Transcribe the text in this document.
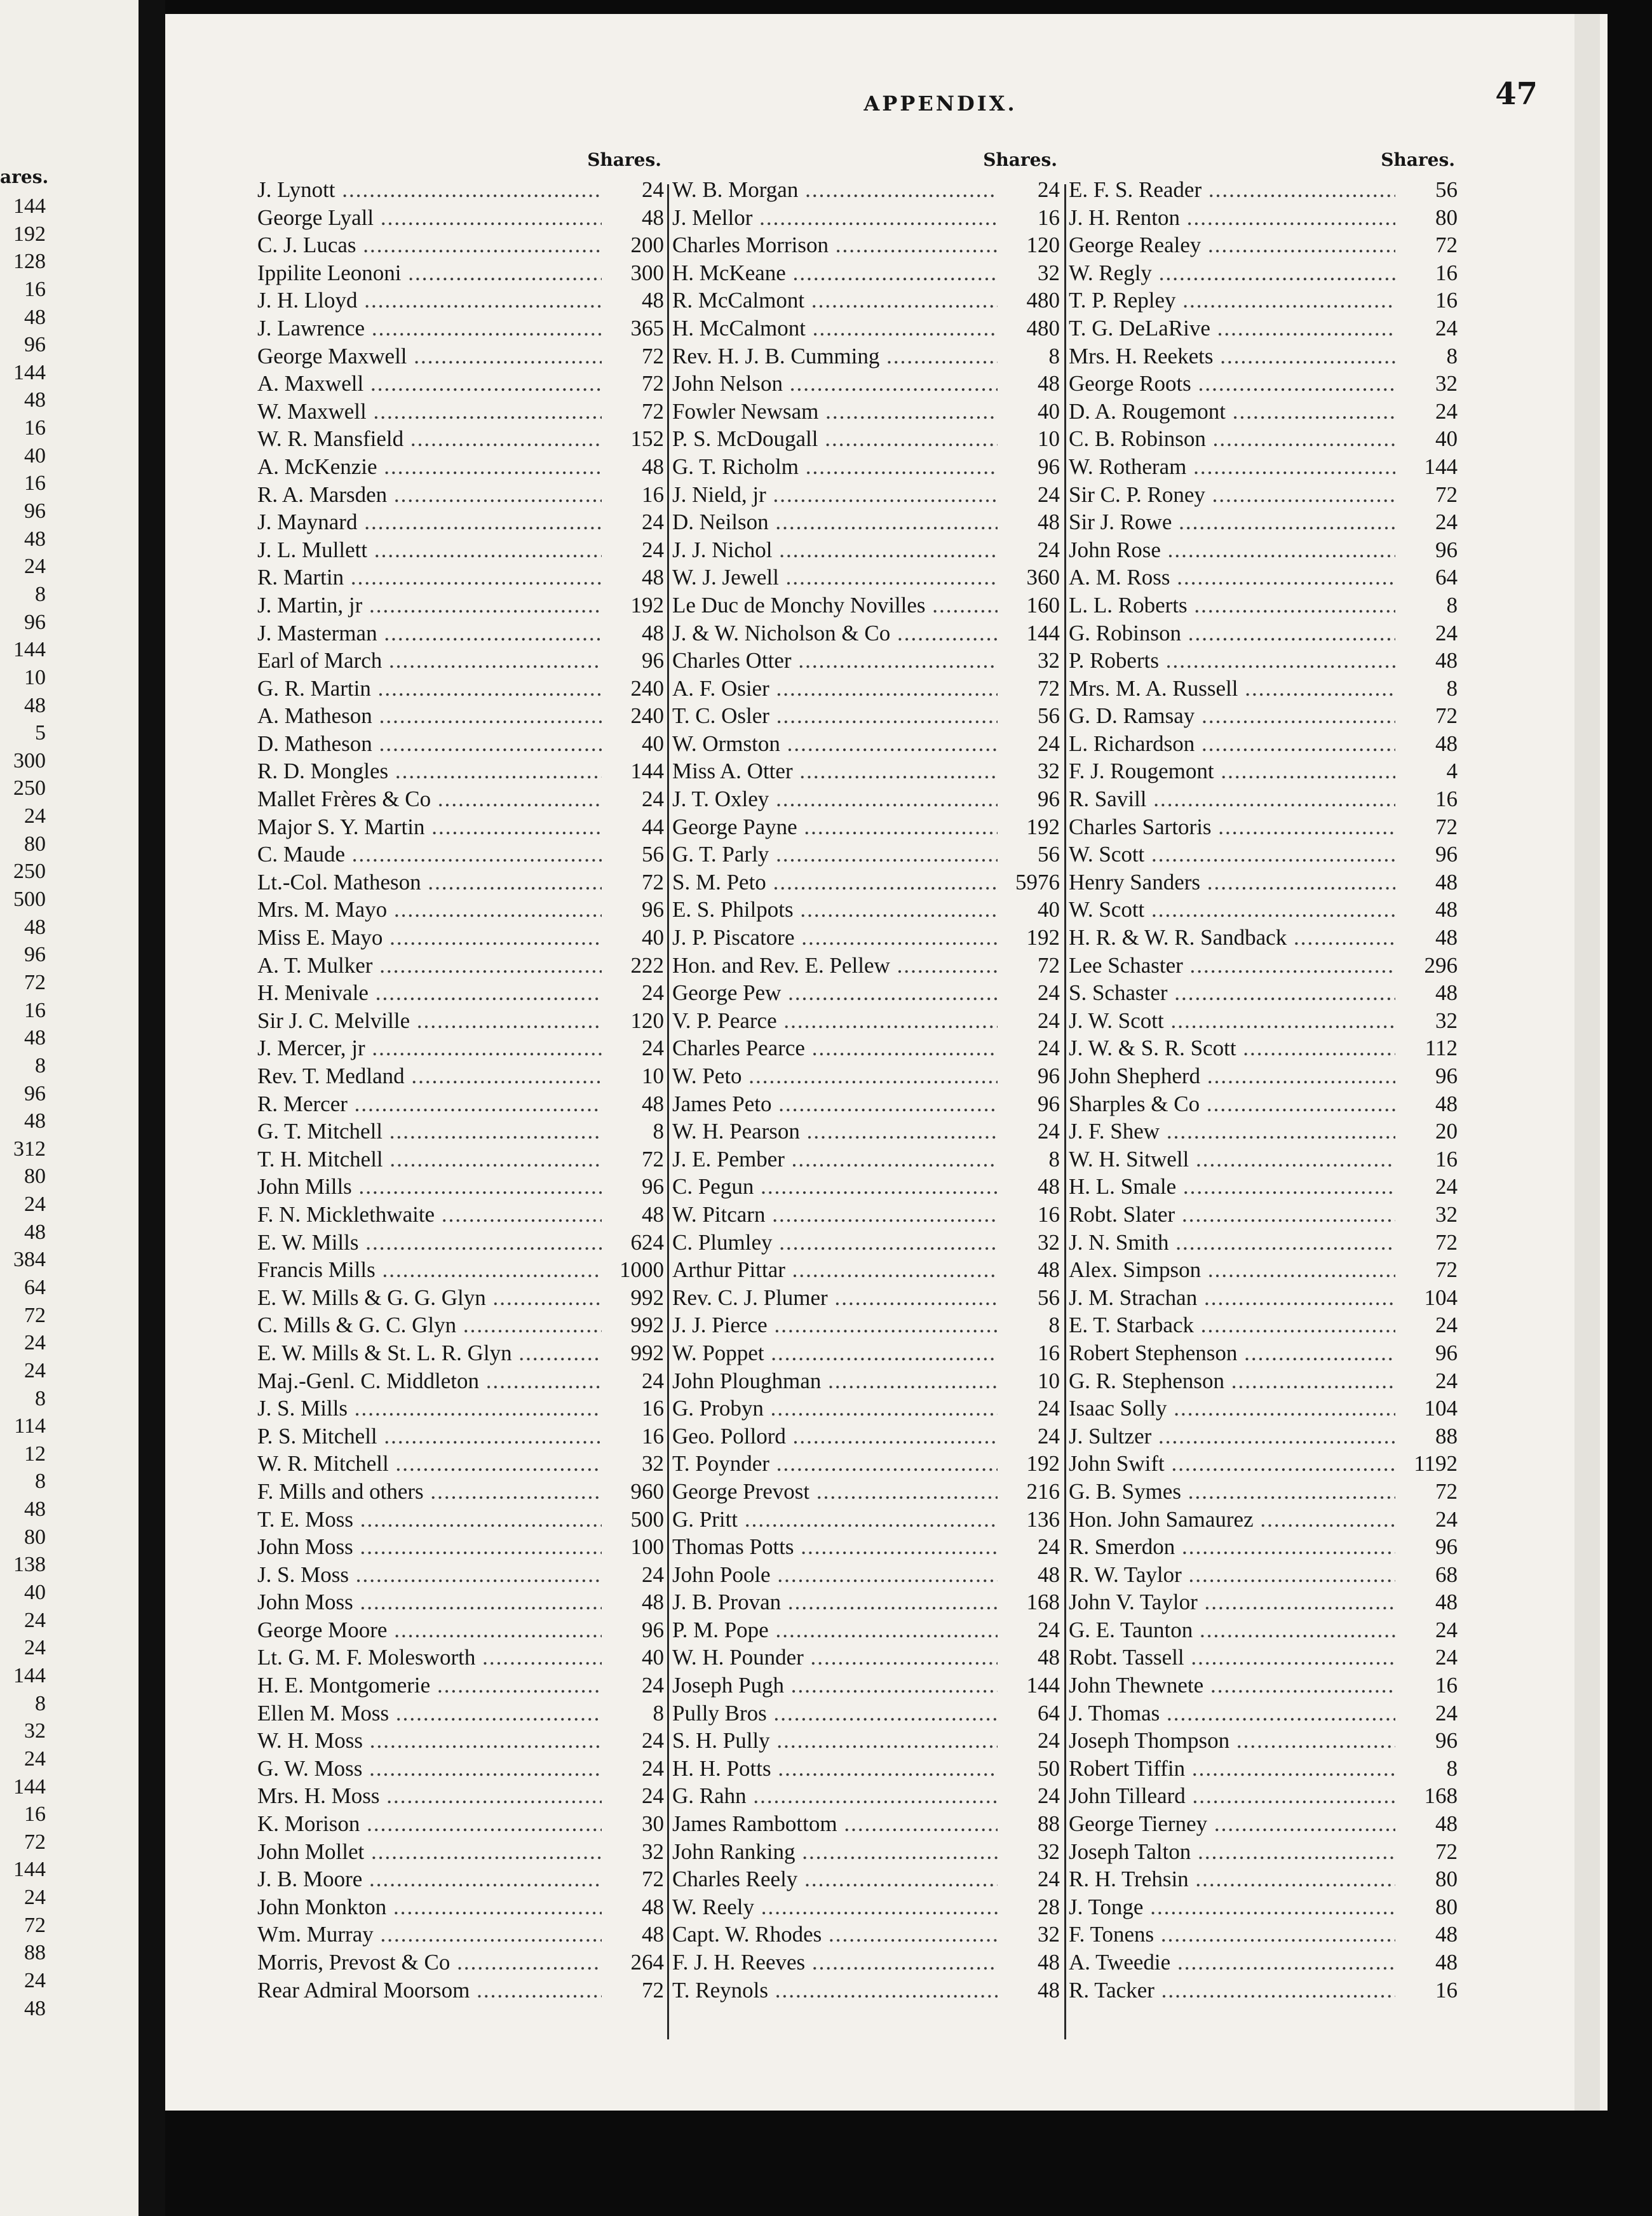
ares.
144
192
128
16
48
96
144
48
16
40
16
96
48
24
8
96
144
10
48
5
300
250
24
80
250
500
48
96
72
16
48
8
96
48
312
80
24
48
384
64
72
24
24
8
114
12
8
48
80
138
40
24
24
144
8
32
24
144
16
72
144
24
72
88
24
48
APPENDIX.	47
Shares.
J. Lynott .....	24
George Lyall .....	48
C. J. Lucas .....	200
Ippilite Leononi .....	300
J. H. Lloyd .....	48
J. Lawrence .....	365
George Maxwell .....	72
A. Maxwell .....	72
W. Maxwell .....	72
W. R. Mansfield .....	152
A. McKenzie .....	48
R. A. Marsden .....	16
J. Maynard .....	24
J. L. Mullett .....	24
R. Martin .....	48
J. Martin, jr .....	192
J. Masterman .....	48
Earl of March .....	96
G. R. Martin .....	240
A. Matheson .....	240
D. Matheson .....	40
R. D. Mongles .....	144
Mallet Frères & Co .....	24
Major S. Y. Martin .....	44
C. Maude .....	56
Lt.-Col. Matheson .....	72
Mrs. M. Mayo .....	96
Miss E. Mayo .....	40
A. T. Mulker .....	222
H. Menivale .....	24
Sir J. C. Melville .....	120
J. Mercer, jr .....	24
Rev. T. Medland .....	10
R. Mercer .....	48
G. T. Mitchell .....	8
T. H. Mitchell .....	72
John Mills .....	96
F. N. Micklethwaite .....	48
E. W. Mills .....	624
Francis Mills .....	1000
E. W. Mills & G. G. Glyn .....	992
C. Mills & G. C. Glyn .....	992
E. W. Mills & St. L. R. Glyn .....	992
Maj.-Genl. C. Middleton .....	24
J. S. Mills .....	16
P. S. Mitchell .....	16
W. R. Mitchell .....	32
F. Mills and others .....	960
T. E. Moss .....	500
John Moss .....	100
J. S. Moss .....	24
John Moss .....	48
George Moore .....	96
Lt. G. M. F. Molesworth .....	40
H. E. Montgomerie .....	24
Ellen M. Moss .....	8
W. H. Moss .....	24
G. W. Moss .....	24
Mrs. H. Moss .....	24
K. Morison .....	30
John Mollet .....	32
J. B. Moore .....	72
John Monkton .....	48
Wm. Murray .....	48
Morris, Prevost & Co .....	264
Rear Admiral Moorsom .....	72
Shares.
W. B. Morgan .....	24
J. Mellor .....	16
Charles Morrison .....	120
H. McKeane .....	32
R. McCalmont .....	480
H. McCalmont .....	480
Rev. H. J. B. Cumming .....	8
John Nelson .....	48
Fowler Newsam .....	40
P. S. McDougall .....	10
G. T. Richolm .....	96
J. Nield, jr .....	24
D. Neilson .....	48
J. J. Nichol .....	24
W. J. Jewell .....	360
Le Duc de Monchy Novilles .....	160
J. & W. Nicholson & Co .....	144
Charles Otter .....	32
A. F. Osier .....	72
T. C. Osler .....	56
W. Ormston .....	24
Miss A. Otter .....	32
J. T. Oxley .....	96
George Payne .....	192
G. T. Parly .....	56
S. M. Peto .....	5976
E. S. Philpots .....	40
J. P. Piscatore .....	192
Hon. and Rev. E. Pellew .....	72
George Pew .....	24
V. P. Pearce .....	24
Charles Pearce .....	24
W. Peto .....	96
James Peto .....	96
W. H. Pearson .....	24
J. E. Pember .....	8
C. Pegun .....	48
W. Pitcarn .....	16
C. Plumley .....	32
Arthur Pittar .....	48
Rev. C. J. Plumer .....	56
J. J. Pierce .....	8
W. Poppet .....	16
John Ploughman .....	10
G. Probyn .....	24
Geo. Pollord .....	24
T. Poynder .....	192
George Prevost .....	216
G. Pritt .....	136
Thomas Potts .....	24
John Poole .....	48
J. B. Provan .....	168
P. M. Pope .....	24
W. H. Pounder .....	48
Joseph Pugh .....	144
Pully Bros .....	64
S. H. Pully .....	24
H. H. Potts .....	50
G. Rahn .....	24
James Rambottom .....	88
John Ranking .....	32
Charles Reely .....	24
W. Reely .....	28
Capt. W. Rhodes .....	32
F. J. H. Reeves .....	48
T. Reynols .....	48
Shares.
E. F. S. Reader .....	56
J. H. Renton .....	80
George Realey .....	72
W. Regly .....	16
T. P. Repley .....	16
T. G. DeLaRive .....	24
Mrs. H. Reekets .....	8
George Roots .....	32
D. A. Rougemont .....	24
C. B. Robinson .....	40
W. Rotheram .....	144
Sir C. P. Roney .....	72
Sir J. Rowe .....	24
John Rose .....	96
A. M. Ross .....	64
L. L. Roberts .....	8
G. Robinson .....	24
P. Roberts .....	48
Mrs. M. A. Russell .....	8
G. D. Ramsay .....	72
L. Richardson .....	48
F. J. Rougemont .....	4
R. Savill .....	16
Charles Sartoris .....	72
W. Scott .....	96
Henry Sanders .....	48
W. Scott .....	48
H. R. & W. R. Sandback .....	48
Lee Schaster .....	296
S. Schaster .....	48
J. W. Scott .....	32
J. W. & S. R. Scott .....	112
John Shepherd .....	96
Sharples & Co .....	48
J. F. Shew .....	20
W. H. Sitwell .....	16
H. L. Smale .....	24
Robt. Slater .....	32
J. N. Smith .....	72
Alex. Simpson .....	72
J. M. Strachan .....	104
E. T. Starback .....	24
Robert Stephenson .....	96
G. R. Stephenson .....	24
Isaac Solly .....	104
J. Sultzer .....	88
John Swift .....	1192
G. B. Symes .....	72
Hon. John Samaurez .....	24
R. Smerdon .....	96
R. W. Taylor .....	68
John V. Taylor .....	48
G. E. Taunton .....	24
Robt. Tassell .....	24
John Thewnete .....	16
J. Thomas .....	24
Joseph Thompson .....	96
Robert Tiffin .....	8
John Tilleard .....	168
George Tierney .....	48
Joseph Talton .....	72
R. H. Trehsin .....	80
J. Tonge .....	80
F. Tonens .....	48
A. Tweedie .....	48
R. Tacker .....	16
